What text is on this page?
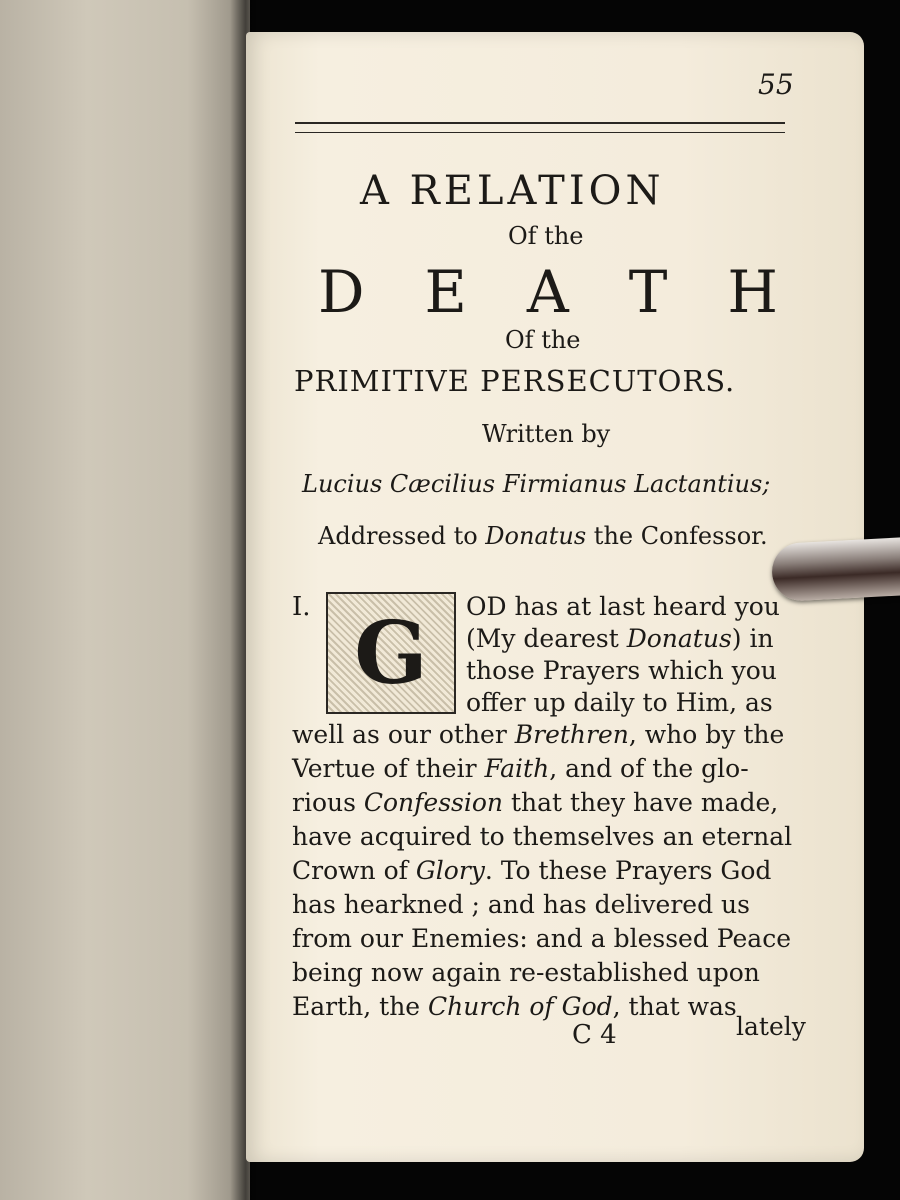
55
A RELATION
Of the
D E A T H
Of the
PRIMITIVE PERSECUTORS.
Written by
Lucius Cæcilius Firmianus Lactantius;
Addressed to Donatus the Confessor.
I. G	OD has at last heard you
(My dearest Donatus) in
those Prayers which you
offer up daily to Him, as
well as our other Brethren, who by the
Vertue of their Faith, and of the glo-
rious Confession that they have made,
have acquired to themselves an eternal
Crown of Glory. To these Prayers God
has hearkned ; and has delivered us
from our Enemies: and a blessed Peace
being now again re-established upon
Earth, the Church of God, that was
C 4	lately
